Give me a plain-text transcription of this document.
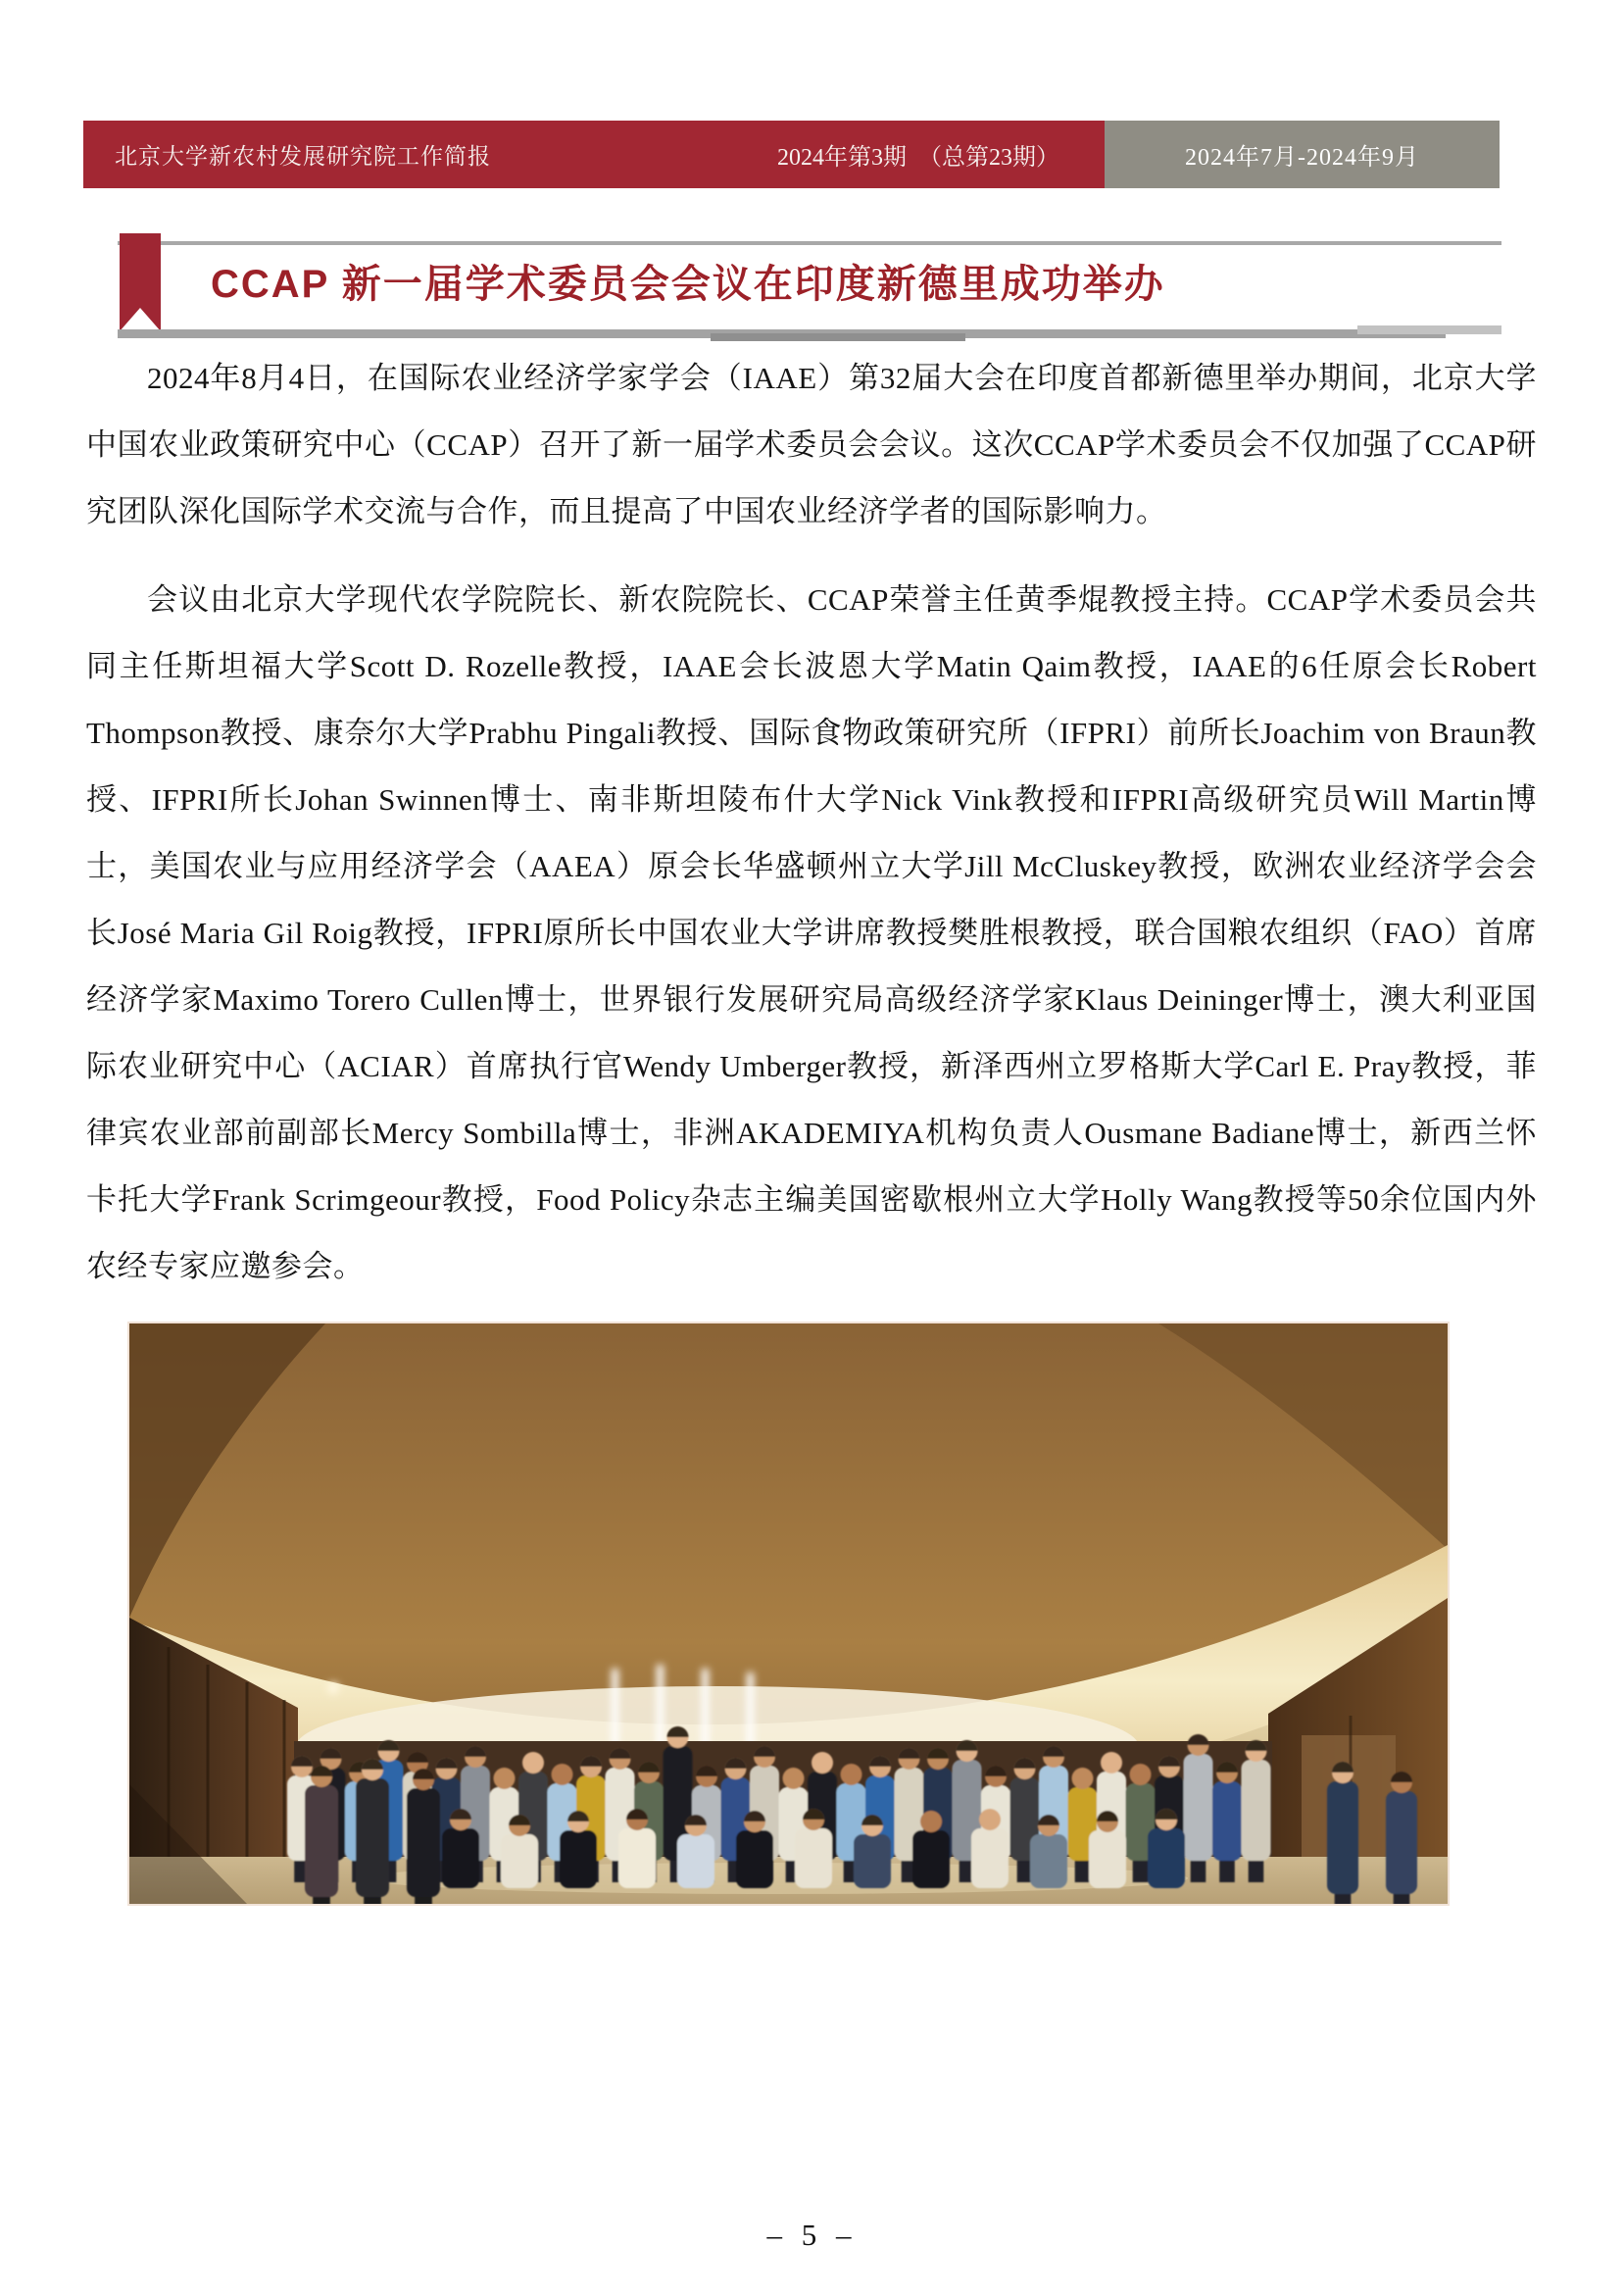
北京大学新农村发展研究院工作简报	2024年第3期　（总第23期）	2024年7月-2024年9月
CCAP 新一届学术委员会会议在印度新德里成功举办

2024年8月4日，在国际农业经济学家学会（IAAE）第32届大会在印度首都新德里举办期间，北京大学中国农业政策研究中心（CCAP）召开了新一届学术委员会会议。这次CCAP学术委员会不仅加强了CCAP研究团队深化国际学术交流与合作，而且提高了中国农业经济学者的国际影响力。

会议由北京大学现代农学院院长、新农院院长、CCAP荣誉主任黄季焜教授主持。CCAP学术委员会共同主任斯坦福大学Scott D. Rozelle教授，IAAE会长波恩大学Matin Qaim教授，IAAE的6任原会长Robert Thompson教授、康奈尔大学Prabhu Pingali教授、国际食物政策研究所（IFPRI）前所长Joachim von Braun教授、IFPRI所长Johan Swinnen博士、南非斯坦陵布什大学Nick Vink教授和IFPRI高级研究员Will Martin博士，美国农业与应用经济学会（AAEA）原会长华盛顿州立大学Jill McCluskey教授，欧洲农业经济学会会长José Maria Gil Roig教授，IFPRI原所长中国农业大学讲席教授樊胜根教授，联合国粮农组织（FAO）首席经济学家Maximo Torero Cullen博士，世界银行发展研究局高级经济学家Klaus Deininger博士，澳大利亚国际农业研究中心（ACIAR）首席执行官Wendy Umberger教授，新泽西州立罗格斯大学Carl E. Pray教授，菲律宾农业部前副部长Mercy Sombilla博士，非洲AKADEMIYA机构负责人Ousmane Badiane博士，新西兰怀卡托大学Frank Scrimgeour教授，Food Policy杂志主编美国密歇根州立大学Holly Wang教授等50余位国内外农经专家应邀参会。

– 5 –
